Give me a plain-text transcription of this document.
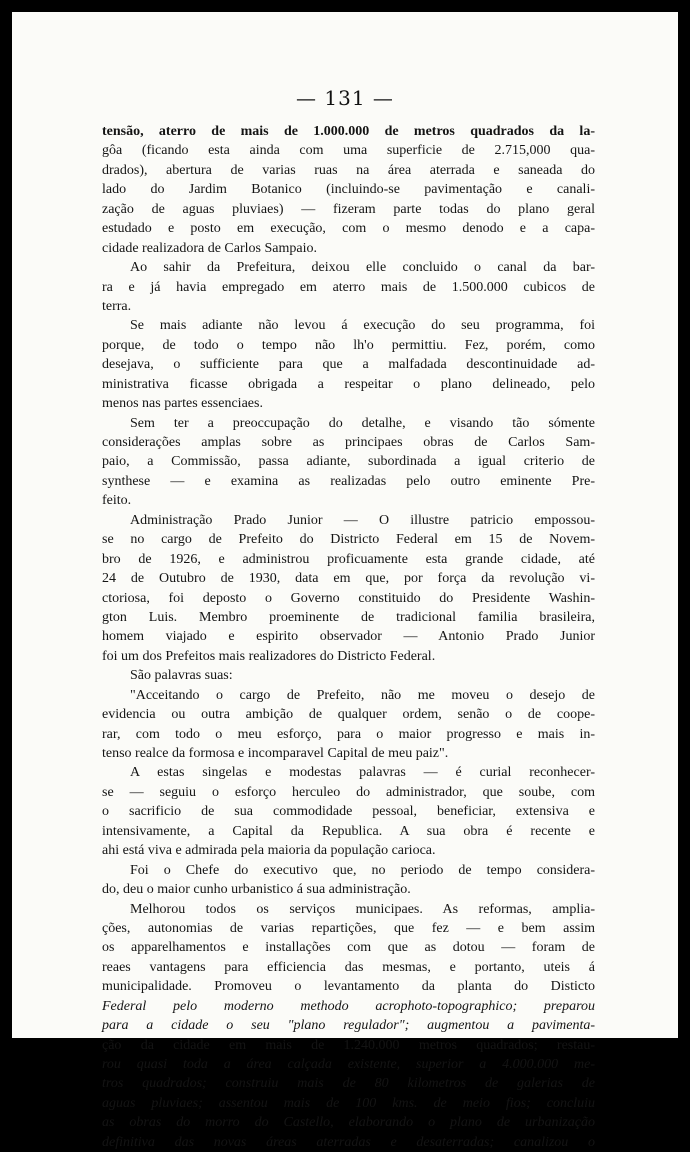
— 131 —
tensão, aterro de mais de 1.000.000 de metros quadrados da la-
gôa (ficando esta ainda com uma superficie de 2.715,000 qua-
drados), abertura de varias ruas na área aterrada e saneada do
lado do Jardim Botanico (incluindo-se pavimentação e canali-
zação de aguas pluviaes) — fizeram parte todas do plano geral
estudado e posto em execução, com o mesmo denodo e a capa-
cidade realizadora de Carlos Sampaio.
Ao sahir da Prefeitura, deixou elle concluido o canal da bar-
ra e já havia empregado em aterro mais de 1.500.000 cubicos de
terra.
Se mais adiante não levou á execução do seu programma, foi
porque, de todo o tempo não lh'o permittiu. Fez, porém, como
desejava, o sufficiente para que a malfadada descontinuidade ad-
ministrativa ficasse obrigada a respeitar o plano delineado, pelo
menos nas partes essenciaes.
Sem ter a preoccupação do detalhe, e visando tão sómente
considerações amplas sobre as principaes obras de Carlos Sam-
paio, a Commissão, passa adiante, subordinada a igual criterio de
synthese — e examina as realizadas pelo outro eminente Pre-
feito.
Administração Prado Junior — O illustre patricio empossou-
se no cargo de Prefeito do Districto Federal em 15 de Novem-
bro de 1926, e administrou proficuamente esta grande cidade, até
24 de Outubro de 1930, data em que, por força da revolução vi-
ctoriosa, foi deposto o Governo constituido do Presidente Washin-
gton Luis. Membro proeminente de tradicional familia brasileira,
homem viajado e espirito observador — Antonio Prado Junior
foi um dos Prefeitos mais realizadores do Districto Federal.
São palavras suas:
"Acceitando o cargo de Prefeito, não me moveu o desejo de
evidencia ou outra ambição de qualquer ordem, senão o de coope-
rar, com todo o meu esforço, para o maior progresso e mais in-
tenso realce da formosa e incomparavel Capital de meu paiz".
A estas singelas e modestas palavras — é curial reconhecer-
se — seguiu o esforço herculeo do administrador, que soube, com
o sacrificio de sua commodidade pessoal, beneficiar, extensiva e
intensivamente, a Capital da Republica. A sua obra é recente e
ahi está viva e admirada pela maioria da população carioca.
Foi o Chefe do executivo que, no periodo de tempo considera-
do, deu o maior cunho urbanistico á sua administração.
Melhorou todos os serviços municipaes. As reformas, amplia-
ções, autonomias de varias repartições, que fez — e bem assim
os apparelhamentos e installações com que as dotou — foram de
reaes vantagens para efficiencia das mesmas, e portanto, uteis á
municipalidade. Promoveu o levantamento da planta do Disticto
Federal pelo moderno methodo acrophoto-topographico; preparou
para a cidade o seu "plano regulador"; augmentou a pavimenta-
ção da cidade em mais de 1.240.000 metros quadrados; restau-
rou quasi toda a área calçada existente, superior a 4.000.000 me-
tros quadrados; construiu mais de 80 kilometros de galerias de
aguas pluviaes; assentou mais de 100 kms. de meio fios; concluiu
as obras do morro do Castello, elaborando o plano de urbanização
definitiva das novas áreas aterradas e desaterradas; canalizou o
